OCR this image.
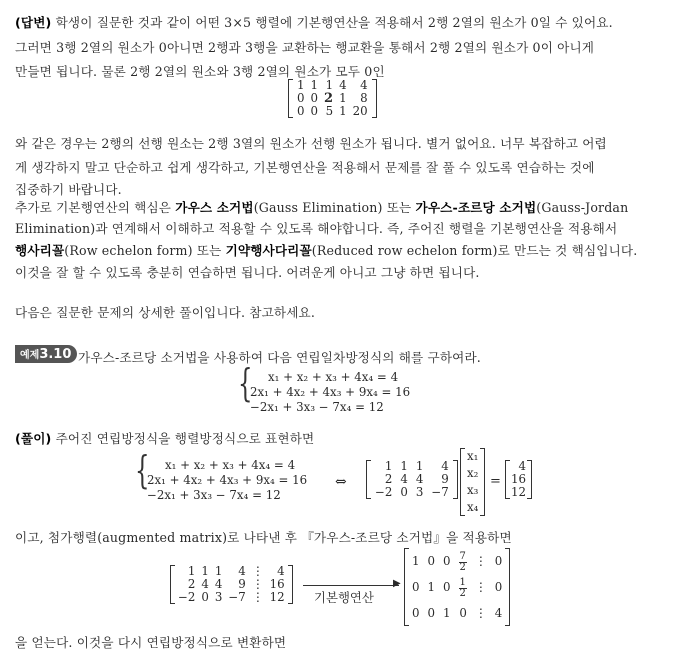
(답변) 학생이 질문한 것과 같이 어떤 3×5 행렬에 기본행연산을 적용해서 2행 2열의 원소가 0일 수 있어요.
그러면 3행 2열의 원소가 0아니면 2행과 3행을 교환하는 행교환을 통해서 2행 2열의 원소가 0이 아니게
만들면 됩니다. 물론 2행 2열의 원소와 3행 2열의 원소가 모두 0인
1	1	1	4	4
0	0	2	1	8
0	0	5	1	20
와 같은 경우는 2행의 선행 원소는 2행 3열의 원소가 선행 원소가 됩니다. 별거 없어요. 너무 복잡하고 어렵
게 생각하지 말고 단순하고 쉽게 생각하고, 기본행연산을 적용해서 문제를 잘 풀 수 있도록 연습하는 것에
집중하기 바랍니다.
추가로 기본행연산의 핵심은 가우스 소거법(Gauss Elimination) 또는 가우스-조르당 소거법(Gauss-Jordan
Elimination)과 연계해서 이해하고 적용할 수 있도록 해야합니다. 즉, 주어진 행렬을 기본행연산을 적용해서
행사리꼴(Row echelon form) 또는 기약행사다리꼴(Reduced row echelon form)로 만드는 것 핵심입니다.
이것을 잘 할 수 있도록 충분히 연습하면 됩니다. 어려운게 아니고 그냥 하면 됩니다.
다음은 질문한 문제의 상세한 풀이입니다. 참고하세요.
예제3.10 가우스-조르당 소거법을 사용하여 다음 연립일차방정식의 해를 구하여라.
{	x₁ + x₂ + x₃ + 4x₄ = 4
2x₁ + 4x₂ + 4x₃ + 9x₄ = 16
−2x₁ + 3x₃ − 7x₄ = 12
(풀이) 주어진 연립방정식을 행렬방정식으로 표현하면
{	x₁ + x₂ + x₃ + 4x₄ = 4
2x₁ + 4x₂ + 4x₃ + 9x₄ = 16
−2x₁ + 3x₃ − 7x₄ = 12
⇔
1	1	1	4
2	4	4	9
−2	0	3	−7
x₁
x₂
x₃
x₄
=
4
16
12
이고, 첨가행렬(augmented matrix)로 나타낸 후 『가우스-조르당 소거법』을 적용하면
1	1	1	4	⋮	4
2	4	4	9	⋮	16
−2	0	3	−7	⋮	12
▶
기본행연산
1	0	0	$\frac{7}{2}$	⋮	0
0	1	0	$\frac{1}{2}$	⋮	0
0	0	1	0	⋮	4
을 얻는다. 이것을 다시 연립방정식으로 변환하면
